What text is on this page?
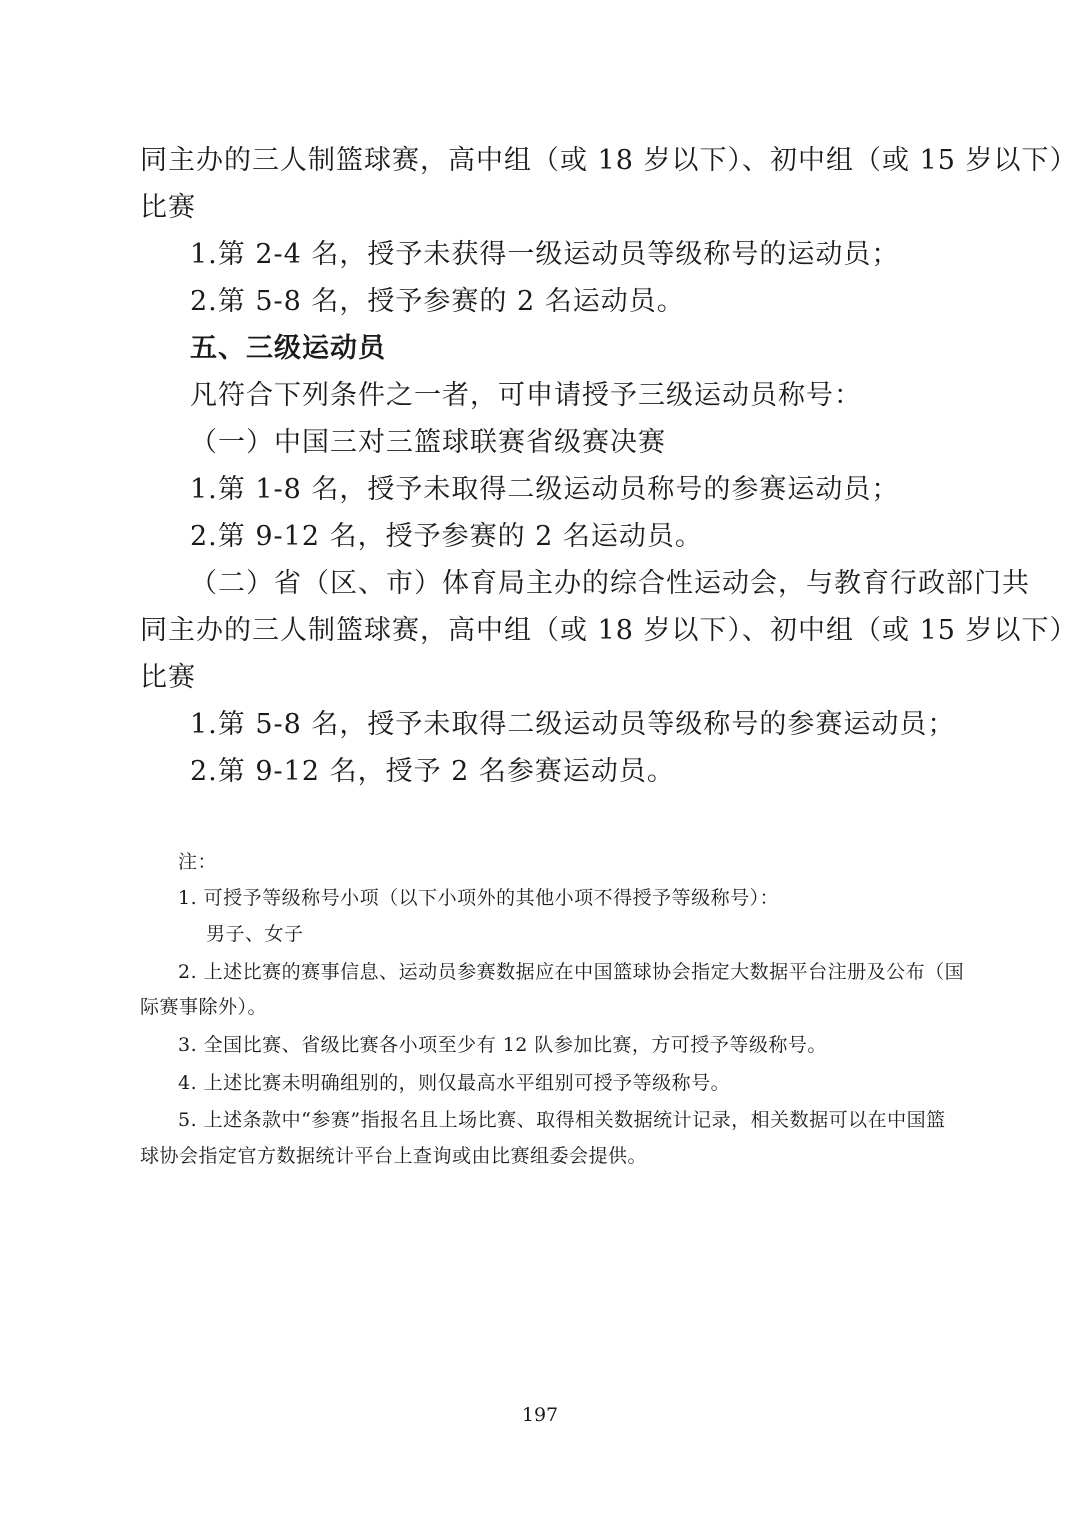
同主办的三人制篮球赛，高中组（或 18 岁以下）、初中组（或 15 岁以下）
比赛
1.第 2-4 名，授予未获得一级运动员等级称号的运动员；
2.第 5-8 名，授予参赛的 2 名运动员。
五、三级运动员
凡符合下列条件之一者，可申请授予三级运动员称号：
（一）中国三对三篮球联赛省级赛决赛
1.第 1-8 名，授予未取得二级运动员称号的参赛运动员；
2.第 9-12 名，授予参赛的 2 名运动员。
（二）省（区、市）体育局主办的综合性运动会，与教育行政部门共
同主办的三人制篮球赛，高中组（或 18 岁以下）、初中组（或 15 岁以下）
比赛
1.第 5-8 名，授予未取得二级运动员等级称号的参赛运动员；
2.第 9-12 名，授予 2 名参赛运动员。
注：
1. 可授予等级称号小项（以下小项外的其他小项不得授予等级称号）：
男子、女子
2. 上述比赛的赛事信息、运动员参赛数据应在中国篮球协会指定大数据平台注册及公布（国
际赛事除外）。
3. 全国比赛、省级比赛各小项至少有 12 队参加比赛，方可授予等级称号。
4. 上述比赛未明确组别的，则仅最高水平组别可授予等级称号。
5. 上述条款中“参赛”指报名且上场比赛、取得相关数据统计记录，相关数据可以在中国篮
球协会指定官方数据统计平台上查询或由比赛组委会提供。
197
